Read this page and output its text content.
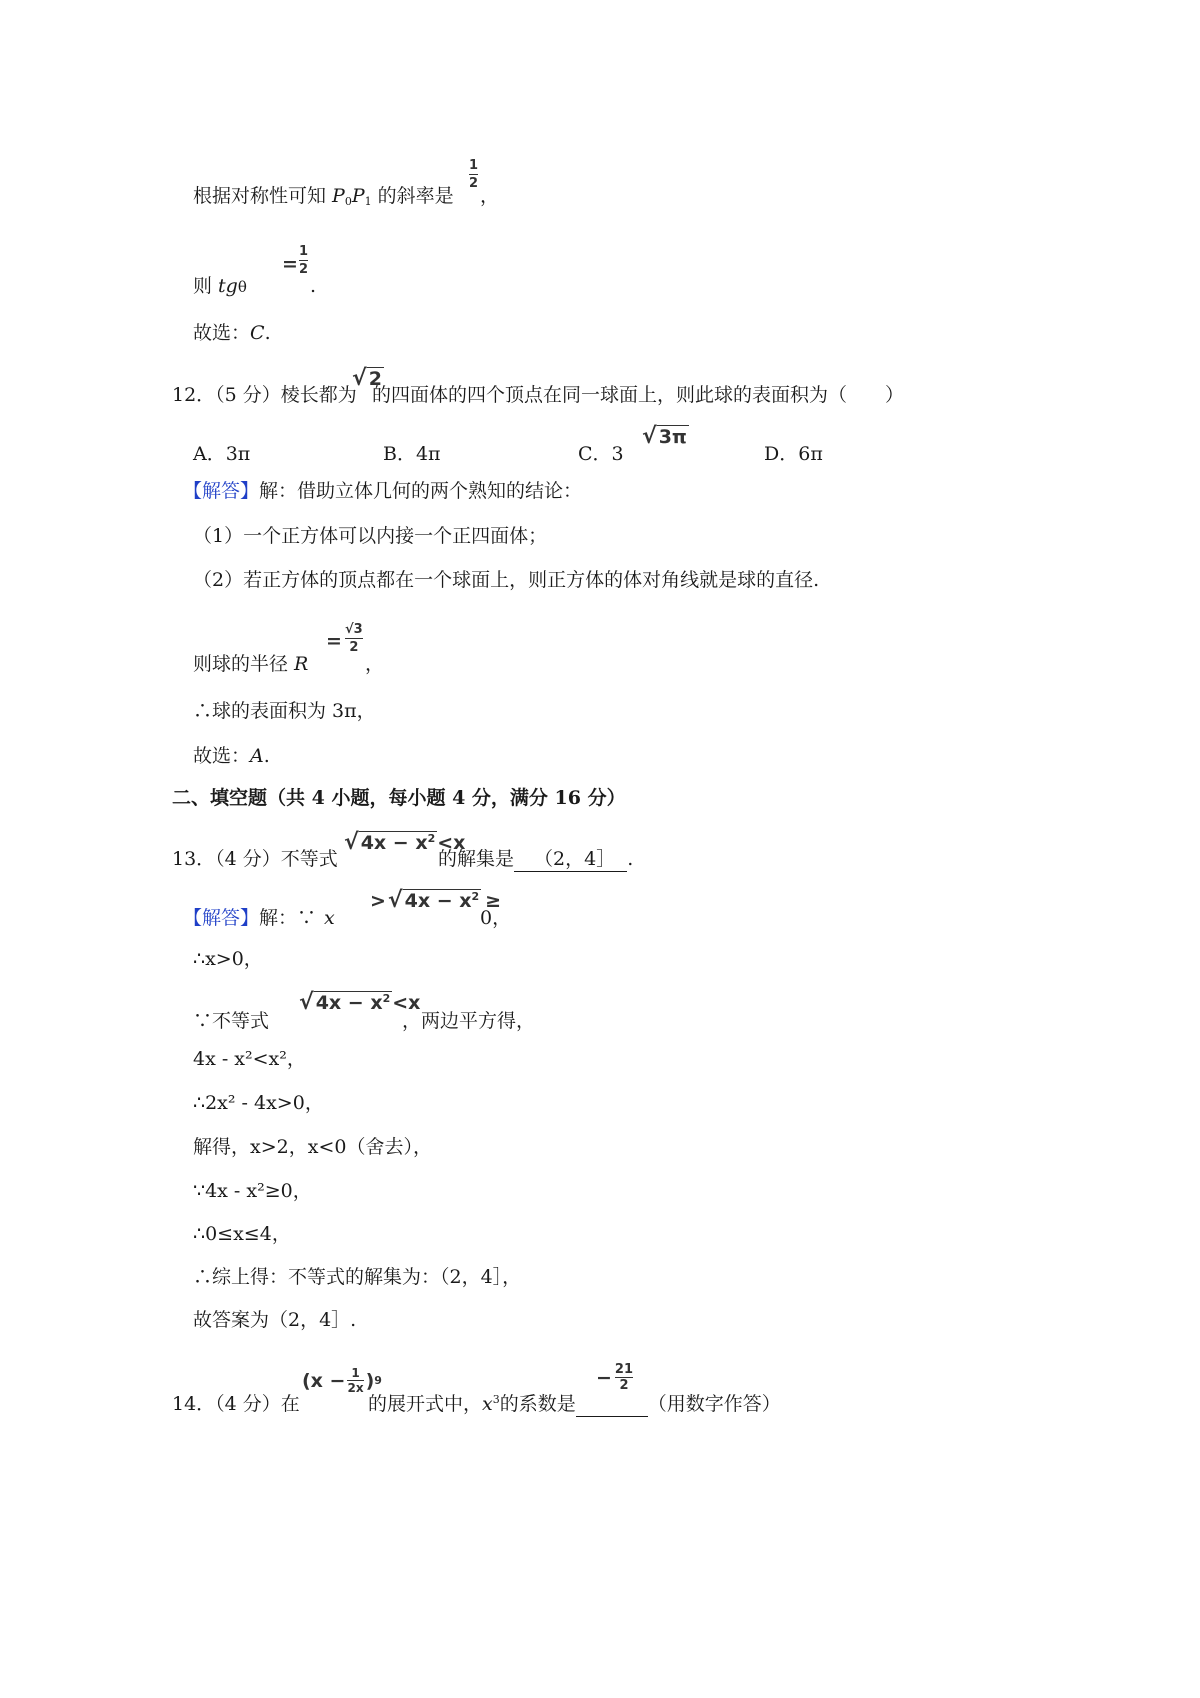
根据对称性可知 $P_0P_1$ 的斜率是
1
2
，
则 tgθ
=
1
2
.
故选：C.
12．（5 分）棱长都为
√ 2
的四面体的四个顶点在同一球面上，则此球的表面积为（　　）
A．3π	B．4π	C．3
√ 3π
D．6π
【解答】解：借助立体几何的两个熟知的结论：
（1）一个正方体可以内接一个正四面体；
（2）若正方体的顶点都在一个球面上，则正方体的体对角线就是球的直径.
则球的半径 R
=
√3
2
，
∴球的表面积为 3π，
故选：A.
二、填空题（共 4 小题，每小题 4 分，满分 16 分）
13．（4 分）不等式
√ $4x - x^2 <x$
的解集是 （2，4］ .
【解答】解：∵ x
>√ $4x - x^2$ ≥
0，
∴x>0，
∵不等式
√ $4x - x^2 <x$
，两边平方得，
4x - x²<x²，
∴2x² - 4x>0，
解得，x>2，x<0（舍去），
∵4x - x²≥0，
∴0≤x≤4，
∴综上得：不等式的解集为：（2，4］，
故答案为（2，4］.
14．（4 分）在
(x − 1
2x ) 9
的展开式中，$x^3$的系数是	（用数字作答）
− 21
2
